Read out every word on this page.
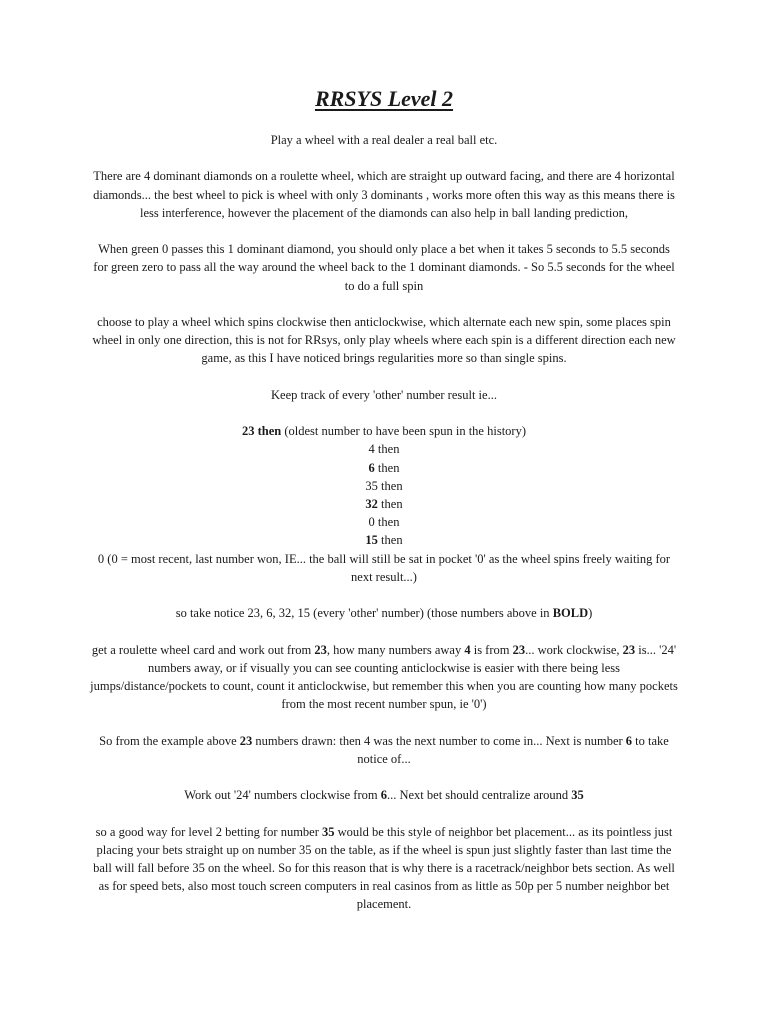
RRSYS Level 2

Play a wheel with a real dealer a real ball etc.

There are 4 dominant diamonds on a roulette wheel, which are straight up outward facing, and there are 4 horizontal diamonds... the best wheel to pick is wheel with only 3 dominants , works more often this way as this means there is less interference, however the placement of the diamonds can also help in ball landing prediction,

When green 0 passes this 1 dominant diamond, you should only place a bet when it takes 5 seconds to 5.5 seconds for green zero to pass all the way around the wheel back to the 1 dominant diamonds. - So 5.5 seconds for the wheel to do a full spin

choose to play a wheel which spins clockwise then anticlockwise, which alternate each new spin, some places spin wheel in only one direction, this is not for RRsys, only play wheels where each spin is a different direction each new game, as this I have noticed brings regularities more so than single spins.

Keep track of every 'other' number result ie...

23 then (oldest number to have been spun in the history)
4 then
6 then
35 then
32 then
0 then
15 then
0 (0 = most recent, last number won, IE... the ball will still be sat in pocket '0' as the wheel spins freely waiting for next result...)

so take notice 23, 6, 32, 15 (every 'other' number) (those numbers above in BOLD)

get a roulette wheel card and work out from 23, how many numbers away 4 is from 23... work clockwise, 23 is... '24' numbers away, or if visually you can see counting anticlockwise is easier with there being less jumps/distance/pockets to count, count it anticlockwise, but remember this when you are counting how many pockets from the most recent number spun, ie '0')

So from the example above 23 numbers drawn: then 4 was the next number to come in... Next is number 6 to take notice of...

Work out '24' numbers clockwise from 6... Next bet should centralize around 35

so a good way for level 2 betting for number 35 would be this style of neighbor bet placement... as its pointless just placing your bets straight up on number 35 on the table, as if the wheel is spun just slightly faster than last time the ball will fall before 35 on the wheel. So for this reason that is why there is a racetrack/neighbor bets section. As well as for speed bets, also most touch screen computers in real casinos from as little as 50p per 5 number neighbor bet placement.
